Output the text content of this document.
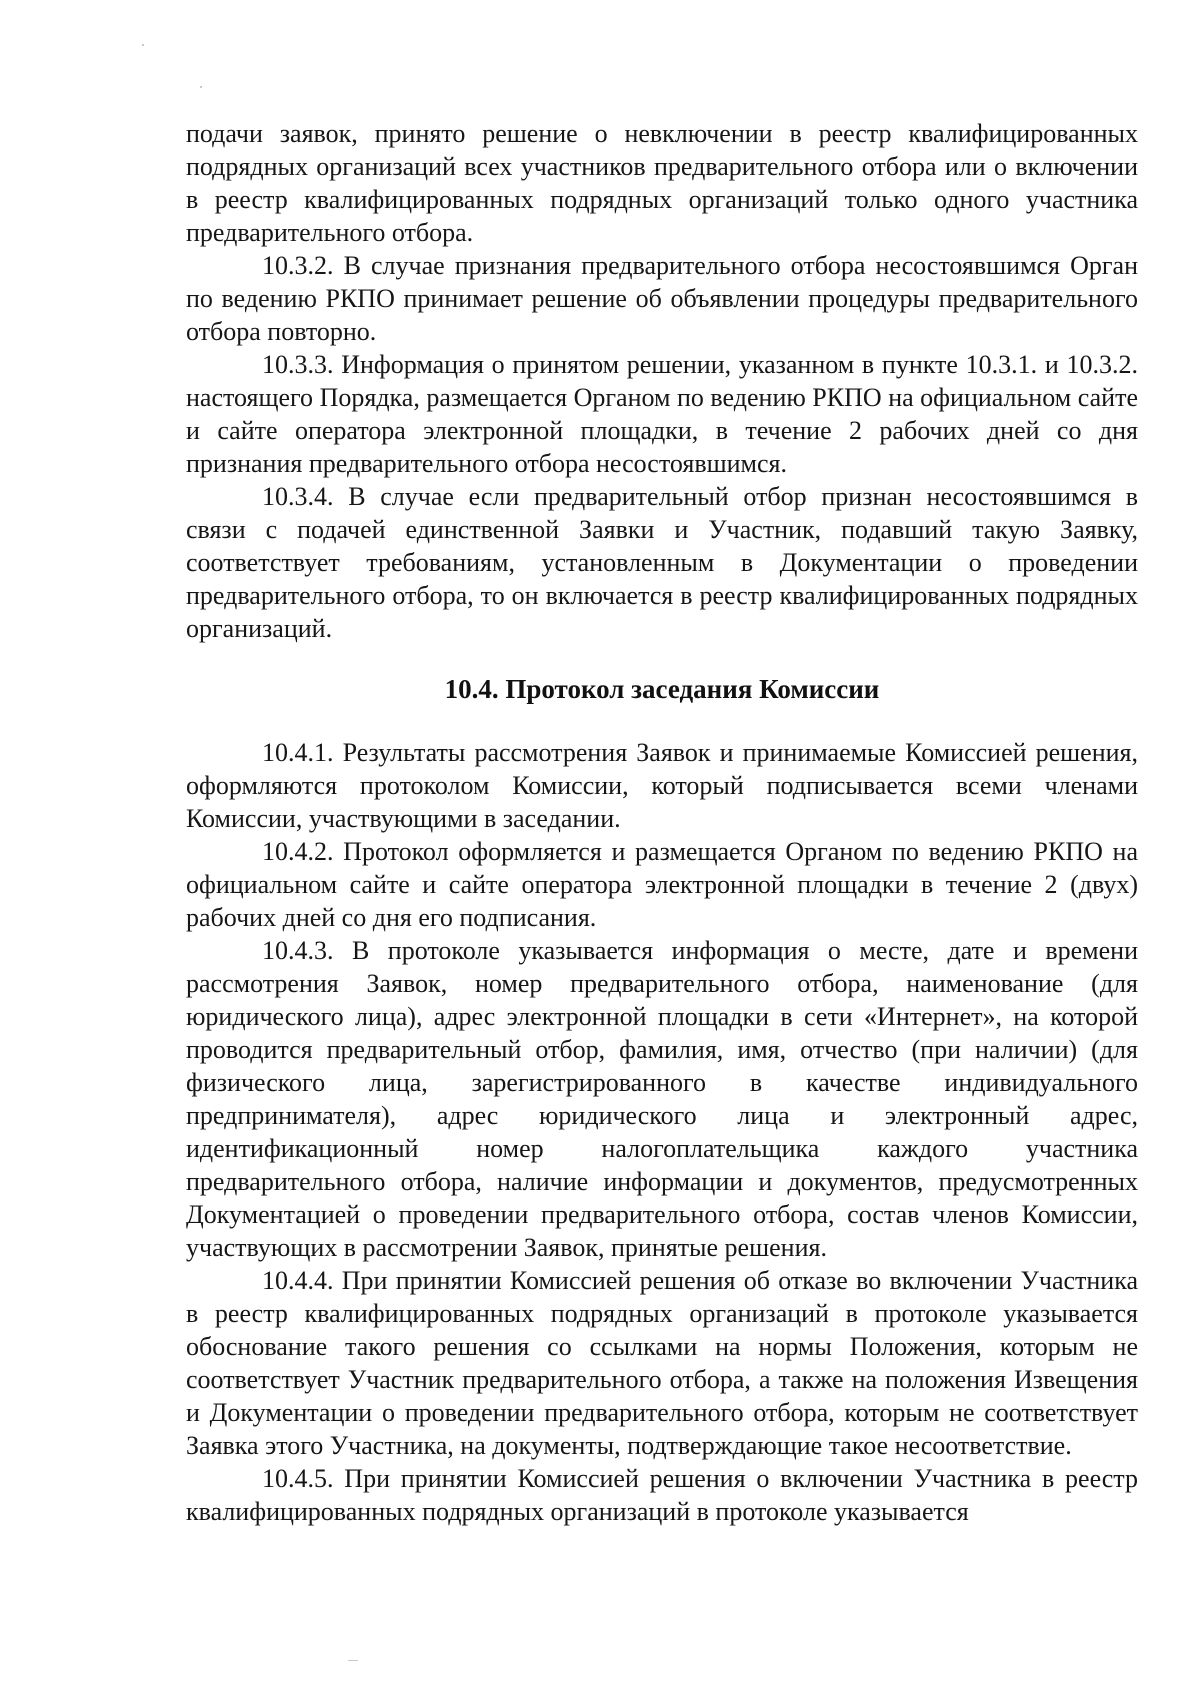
подачи заявок, принято решение о невключении в реестр квалифицированных подрядных организаций всех участников предварительного отбора или о включении в реестр квалифицированных подрядных организаций только одного участника предварительного отбора.

10.3.2. В случае признания предварительного отбора несостоявшимся Орган по ведению РКПО принимает решение об объявлении процедуры предварительного отбора повторно.

10.3.3. Информация о принятом решении, указанном в пункте 10.3.1. и 10.3.2. настоящего Порядка, размещается Органом по ведению РКПО на официальном сайте и сайте оператора электронной площадки, в течение 2 рабочих дней со дня признания предварительного отбора несостоявшимся.

10.3.4. В случае если предварительный отбор признан несостоявшимся в связи с подачей единственной Заявки и Участник, подавший такую Заявку, соответствует требованиям, установленным в Документации о проведении предварительного отбора, то он включается в реестр квалифицированных подрядных организаций.

10.4. Протокол заседания Комиссии

10.4.1. Результаты рассмотрения Заявок и принимаемые Комиссией решения, оформляются протоколом Комиссии, который подписывается всеми членами Комиссии, участвующими в заседании.

10.4.2. Протокол оформляется и размещается Органом по ведению РКПО на официальном сайте и сайте оператора электронной площадки в течение 2 (двух) рабочих дней со дня его подписания.

10.4.3. В протоколе указывается информация о месте, дате и времени рассмотрения Заявок, номер предварительного отбора, наименование (для юридического лица), адрес электронной площадки в сети «Интернет», на которой проводится предварительный отбор, фамилия, имя, отчество (при наличии) (для физического лица, зарегистрированного в качестве индивидуального предпринимателя), адрес юридического лица и электронный адрес, идентификационный номер налогоплательщика каждого участника предварительного отбора, наличие информации и документов, предусмотренных Документацией о проведении предварительного отбора, состав членов Комиссии, участвующих в рассмотрении Заявок, принятые решения.

10.4.4. При принятии Комиссией решения об отказе во включении Участника в реестр квалифицированных подрядных организаций в протоколе указывается обоснование такого решения со ссылками на нормы Положения, которым не соответствует Участник предварительного отбора, а также на положения Извещения и Документации о проведении предварительного отбора, которым не соответствует Заявка этого Участника, на документы, подтверждающие такое несоответствие.

10.4.5. При принятии Комиссией решения о включении Участника в реестр квалифицированных подрядных организаций в протоколе указывается
